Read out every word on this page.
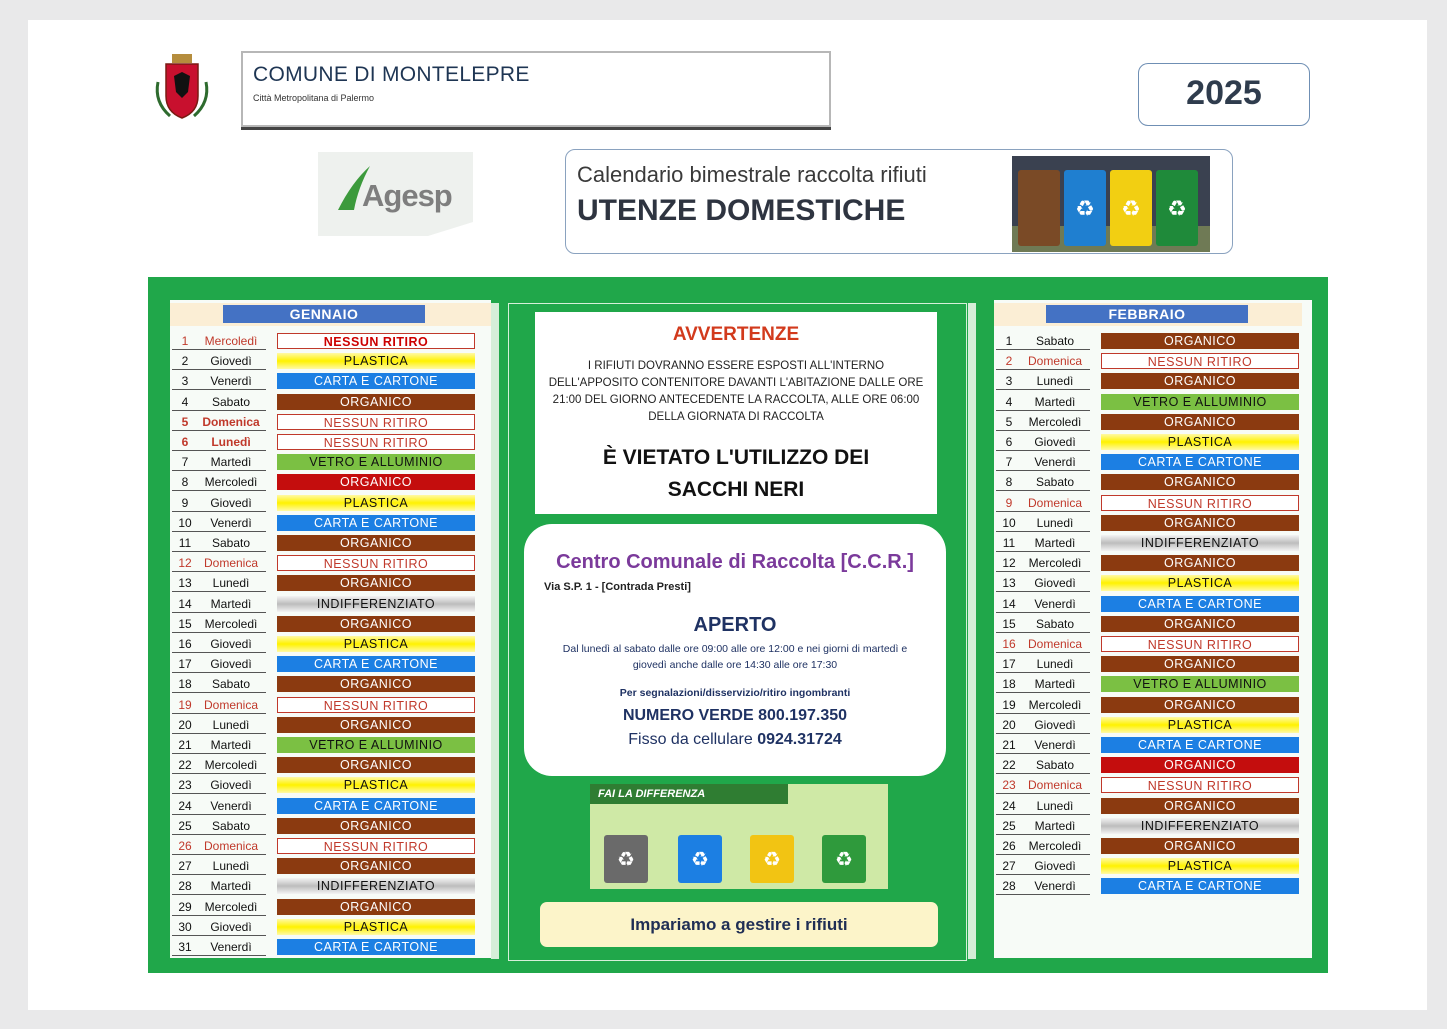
COMUNE DI MONTELEPRE
Città Metropolitana di Palermo	2025
Agesp
Calendario bimestrale raccolta rifiuti
UTENZE DOMESTICHE	♻ ♻ ♻
GENNAIO
1	Mercoledì	NESSUN RITIRO
2	Giovedì	PLASTICA
3	Venerdì	CARTA E CARTONE
4	Sabato	ORGANICO
5	Domenica	NESSUN RITIRO
6	Lunedì	NESSUN RITIRO
7	Martedì	VETRO E ALLUMINIO
8	Mercoledì	ORGANICO
9	Giovedì	PLASTICA
10	Venerdì	CARTA E CARTONE
11	Sabato	ORGANICO
12	Domenica	NESSUN RITIRO
13	Lunedì	ORGANICO
14	Martedì	INDIFFERENZIATO
15	Mercoledì	ORGANICO
16	Giovedì	PLASTICA
17	Giovedì	CARTA E CARTONE
18	Sabato	ORGANICO
19	Domenica	NESSUN RITIRO
20	Lunedì	ORGANICO
21	Martedì	VETRO E ALLUMINIO
22	Mercoledì	ORGANICO
23	Giovedì	PLASTICA
24	Venerdì	CARTA E CARTONE
25	Sabato	ORGANICO
26	Domenica	NESSUN RITIRO
27	Lunedì	ORGANICO
28	Martedì	INDIFFERENZIATO
29	Mercoledì	ORGANICO
30	Giovedì	PLASTICA
31	Venerdì	CARTA E CARTONE
FEBBRAIO
1	Sabato	ORGANICO
2	Domenica	NESSUN RITIRO
3	Lunedì	ORGANICO
4	Martedì	VETRO E ALLUMINIO
5	Mercoledì	ORGANICO
6	Giovedì	PLASTICA
7	Venerdì	CARTA E CARTONE
8	Sabato	ORGANICO
9	Domenica	NESSUN RITIRO
10	Lunedì	ORGANICO
11	Martedì	INDIFFERENZIATO
12	Mercoledì	ORGANICO
13	Giovedì	PLASTICA
14	Venerdì	CARTA E CARTONE
15	Sabato	ORGANICO
16	Domenica	NESSUN RITIRO
17	Lunedì	ORGANICO
18	Martedì	VETRO E ALLUMINIO
19	Mercoledì	ORGANICO
20	Giovedì	PLASTICA
21	Venerdì	CARTA E CARTONE
22	Sabato	ORGANICO
23	Domenica	NESSUN RITIRO
24	Lunedì	ORGANICO
25	Martedì	INDIFFERENZIATO
26	Mercoledì	ORGANICO
27	Giovedì	PLASTICA
28	Venerdì	CARTA E CARTONE
AVVERTENZE
I RIFIUTI DOVRANNO ESSERE ESPOSTI ALL'INTERNO DELL'APPOSITO CONTENITORE DAVANTI L'ABITAZIONE DALLE ORE 21:00 DEL GIORNO ANTECEDENTE LA RACCOLTA, ALLE ORE 06:00 DELLA GIORNATA DI RACCOLTA
È VIETATO L'UTILIZZO DEI
SACCHI NERI
Centro Comunale di Raccolta [C.C.R.]
Via S.P. 1 - [Contrada Presti]
APERTO
Dal lunedì al sabato dalle ore 09:00 alle ore 12:00 e nei giorni di martedì e giovedì anche dalle ore 14:30 alle ore 17:30
Per segnalazioni/disservizio/ritiro ingombranti
NUMERO VERDE 800.197.350
Fisso da cellulare 0924.31724
FAI LA DIFFERENZA
♻	♻	♻	♻
Impariamo a gestire i rifiuti
